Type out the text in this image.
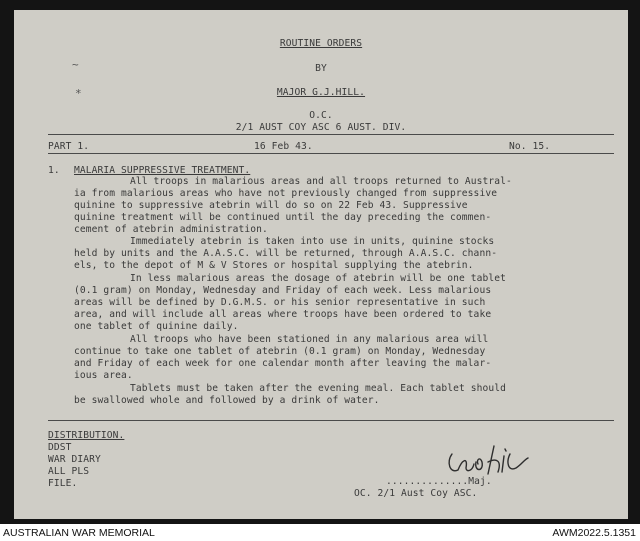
ROUTINE ORDERS
BY
MAJOR G.J.HILL.
O.C.
2/1 AUST COY ASC 6 AUST. DIV.
~
*
PART 1.	16 Feb 43.	No. 15.
1. MALARIA SUPPRESSIVE TREATMENT.
All troops in malarious areas and all troops returned to Austral-
ia from malarious areas who have not previously changed from suppressive
quinine to suppressive atebrin will do so on 22 Feb 43. Suppressive
quinine treatment will be continued until the day preceding the commen-
cement of atebrin administration.
Immediately atebrin is taken into use in units, quinine stocks
held by units and the A.A.S.C. will be returned, through A.A.S.C. chann-
els, to the depot of M & V Stores or hospital supplying the atebrin.
In less malarious areas the dosage of atebrin will be one tablet
(0.1 gram) on Monday, Wednesday and Friday of each week. Less malarious
areas will be defined by D.G.M.S. or his senior representative in such
area, and will include all areas where troops have been ordered to take
one tablet of quinine daily.
All troops who have been stationed in any malarious area will
continue to take one tablet of atebrin (0.1 gram) on Monday, Wednesday
and Friday of each week for one calendar month after leaving the malar-
ious area.
Tablets must be taken after the evening meal. Each tablet should
be swallowed whole and followed by a drink of water.
DISTRIBUTION.
DDST
WAR DIARY
ALL PLS
FILE.	..............Maj.
OC. 2/1 Aust Coy ASC.
AUSTRALIAN WAR MEMORIAL	AWM2022.5.1351
